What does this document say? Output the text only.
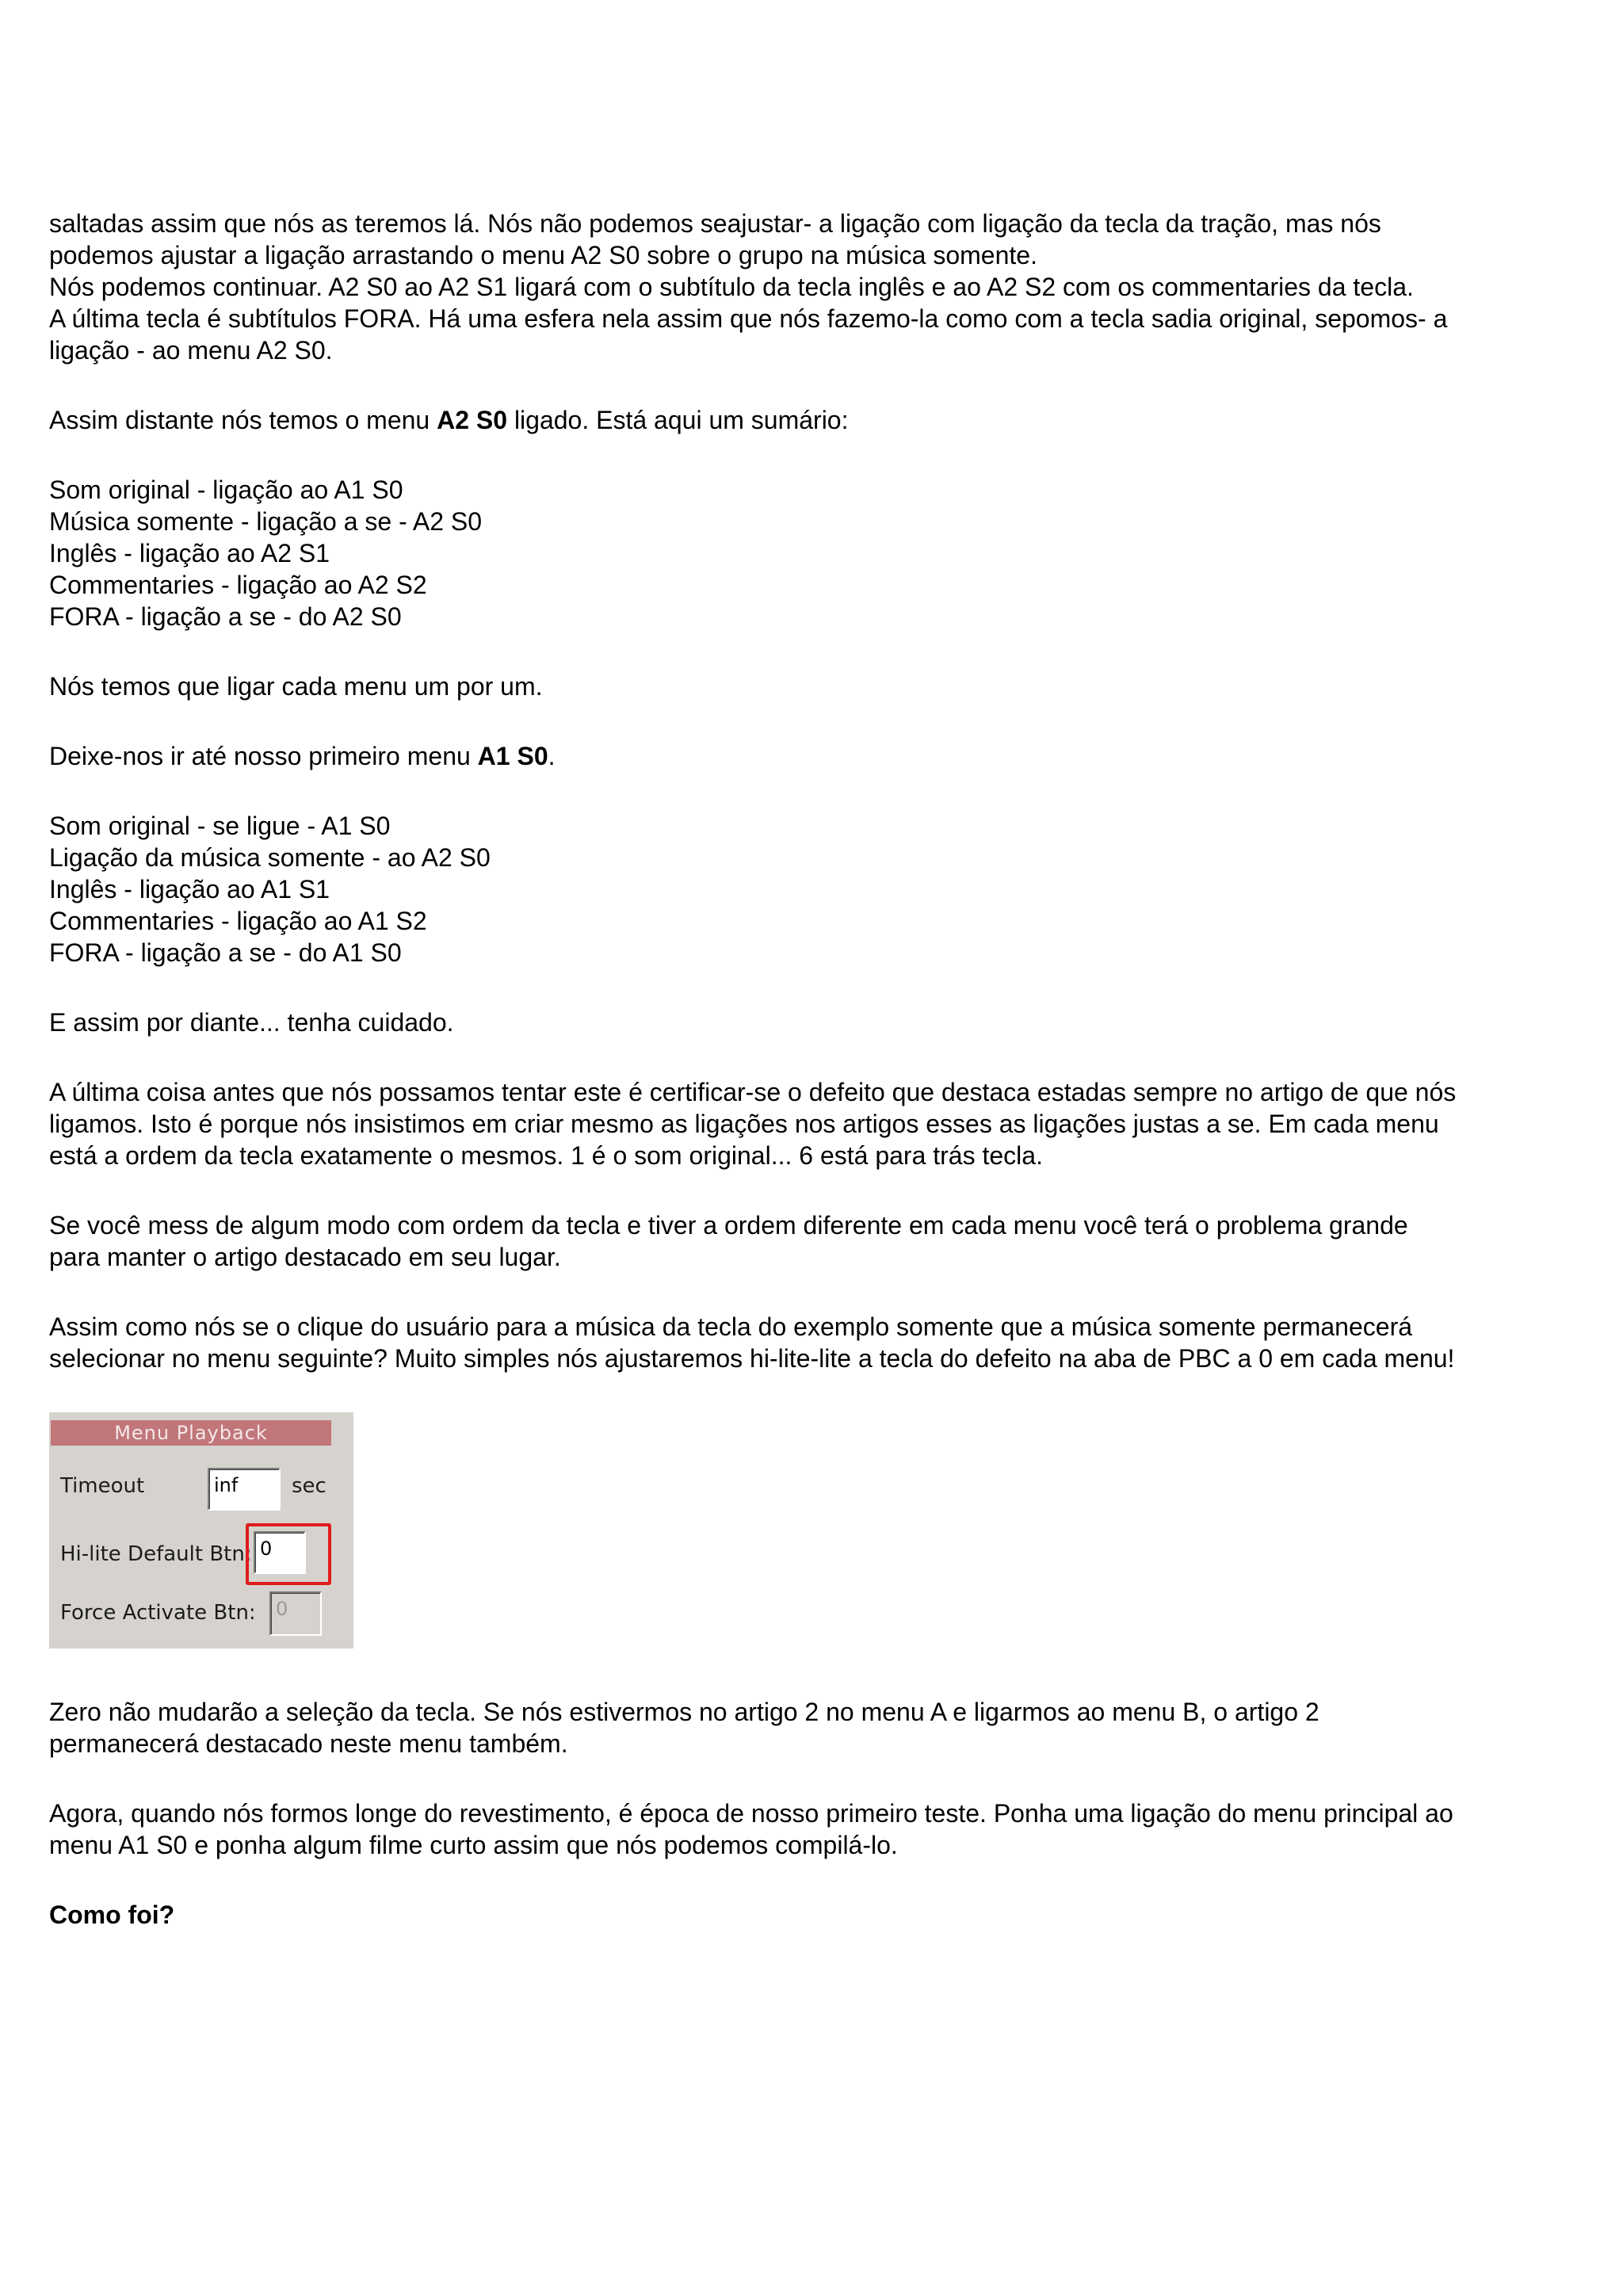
saltadas assim que nós as teremos lá. Nós não podemos seajustar- a ligação com ligação da tecla da tração, mas nós
podemos ajustar a ligação arrastando o menu A2 S0 sobre o grupo na música somente.
Nós podemos continuar. A2 S0 ao A2 S1 ligará com o subtítulo da tecla inglês e ao A2 S2 com os commentaries da tecla.
A última tecla é subtítulos FORA. Há uma esfera nela assim que nós fazemo-la como com a tecla sadia original, sepomos- a
ligação - ao menu A2 S0.
Assim distante nós temos o menu A2 S0 ligado. Está aqui um sumário:
Som original - ligação ao A1 S0
Música somente - ligação a se - A2 S0
Inglês - ligação ao A2 S1
Commentaries - ligação ao A2 S2
FORA - ligação a se - do A2 S0
Nós temos que ligar cada menu um por um.
Deixe-nos ir até nosso primeiro menu A1 S0.
Som original - se ligue - A1 S0
Ligação da música somente - ao A2 S0
Inglês - ligação ao A1 S1
Commentaries - ligação ao A1 S2
FORA - ligação a se - do A1 S0
E assim por diante... tenha cuidado.
A última coisa antes que nós possamos tentar este é certificar-se o defeito que destaca estadas sempre no artigo de que nós
ligamos. Isto é porque nós insistimos em criar mesmo as ligações nos artigos esses as ligações justas a se. Em cada menu
está a ordem da tecla exatamente o mesmos. 1 é o som original... 6 está para trás tecla.
Se você mess de algum modo com ordem da tecla e tiver a ordem diferente em cada menu você terá o problema grande
para manter o artigo destacado em seu lugar.
Assim como nós se o clique do usuário para a música da tecla do exemplo somente que a música somente permanecerá
selecionar no menu seguinte? Muito simples nós ajustaremos hi-lite-lite a tecla do defeito na aba de PBC a 0 em cada menu!
Menu Playback
Timeout	inf	sec
Hi-lite Default Btn: 0
Force Activate Btn:	0
Zero não mudarão a seleção da tecla. Se nós estivermos no artigo 2 no menu A e ligarmos ao menu B, o artigo 2
permanecerá destacado neste menu também.
Agora, quando nós formos longe do revestimento, é época de nosso primeiro teste. Ponha uma ligação do menu principal ao
menu A1 S0 e ponha algum filme curto assim que nós podemos compilá-lo.
Como foi?
